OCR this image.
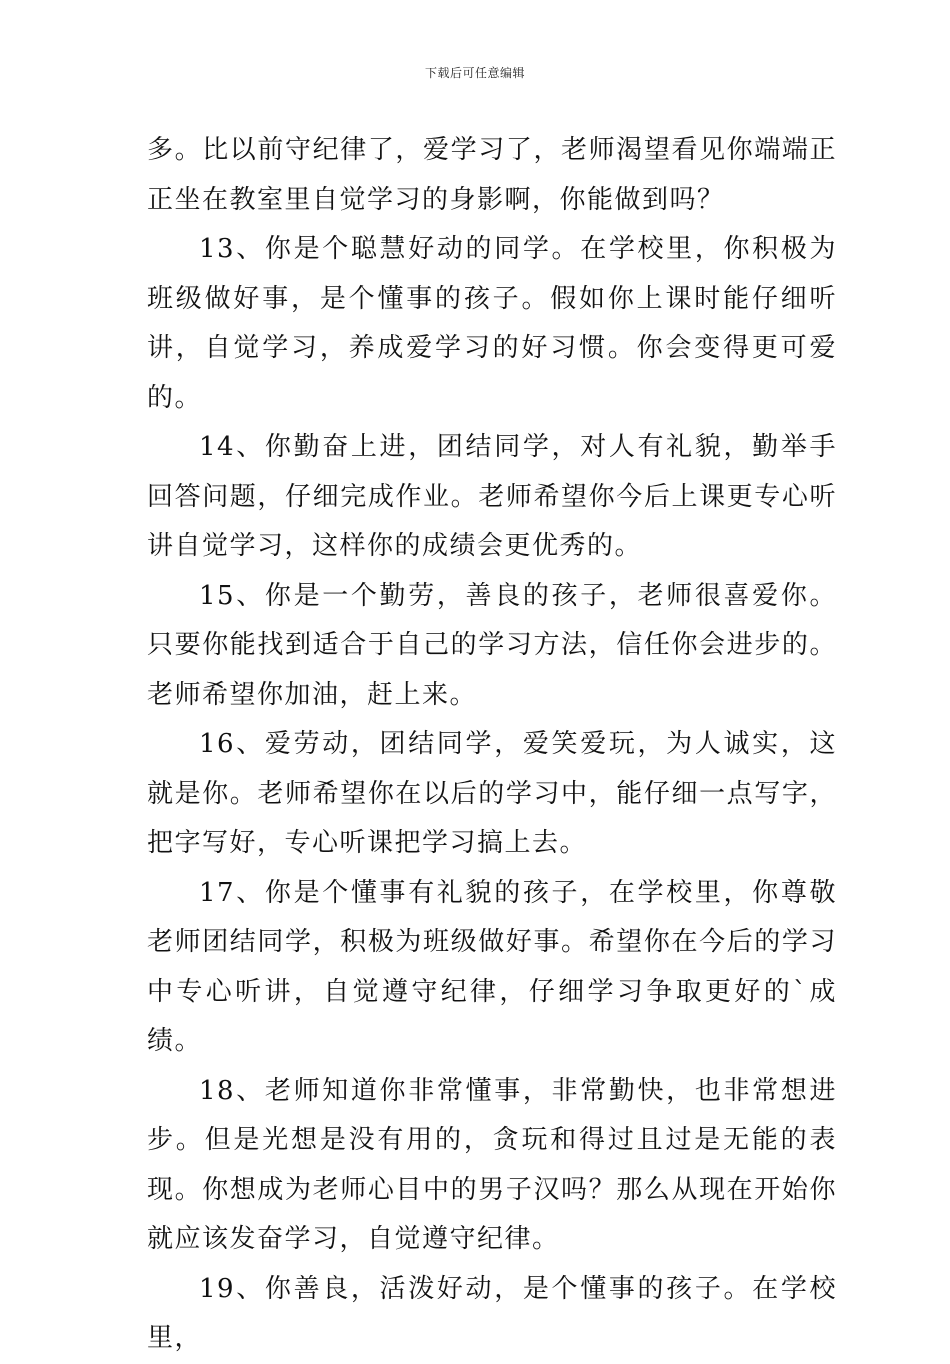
下载后可任意编辑

多。比以前守纪律了，爱学习了，老师渴望看见你端端正正坐在教室里自觉学习的身影啊，你能做到吗？

13、你是个聪慧好动的同学。在学校里，你积极为班级做好事，是个懂事的孩子。假如你上课时能仔细听讲，自觉学习，养成爱学习的好习惯。你会变得更可爱的。

14、你勤奋上进，团结同学，对人有礼貌，勤举手回答问题，仔细完成作业。老师希望你今后上课更专心听讲自觉学习，这样你的成绩会更优秀的。

15、你是一个勤劳，善良的孩子，老师很喜爱你。只要你能找到适合于自己的学习方法，信任你会进步的。老师希望你加油，赶上来。

16、爱劳动，团结同学，爱笑爱玩，为人诚实，这就是你。老师希望你在以后的学习中，能仔细一点写字，把字写好，专心听课把学习搞上去。

17、你是个懂事有礼貌的孩子，在学校里，你尊敬老师团结同学，积极为班级做好事。希望你在今后的学习中专心听讲，自觉遵守纪律，仔细学习争取更好的`成绩。

18、老师知道你非常懂事，非常勤快，也非常想进步。但是光想是没有用的，贪玩和得过且过是无能的表现。你想成为老师心目中的男子汉吗？那么从现在开始你就应该发奋学习，自觉遵守纪律。

19、你善良，活泼好动，是个懂事的孩子。在学校里，
